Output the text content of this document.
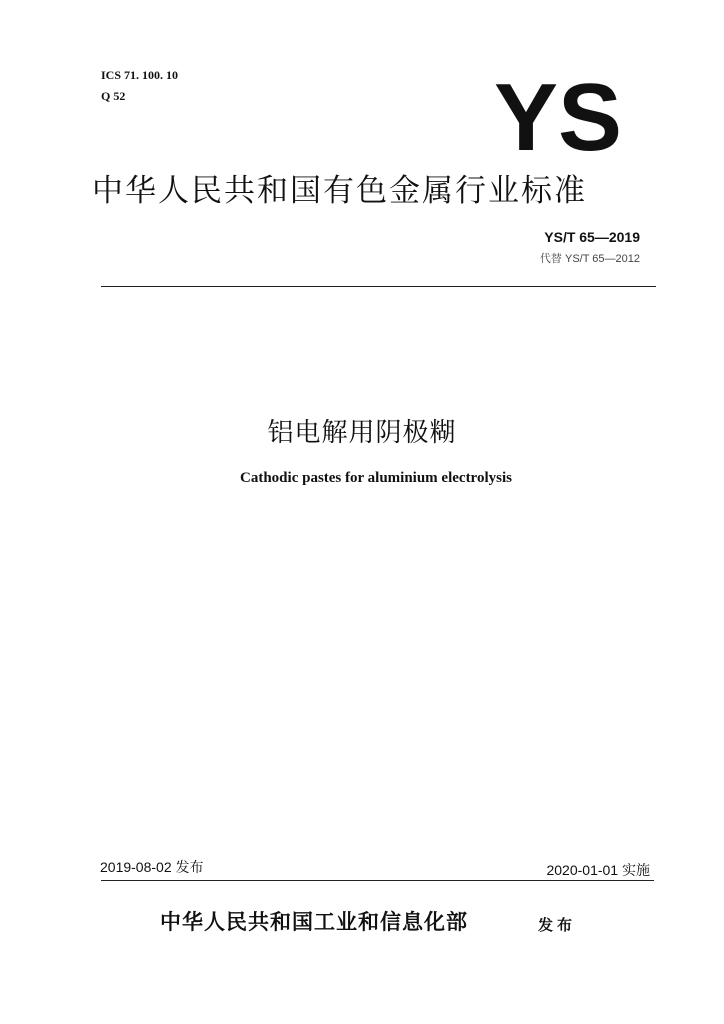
ICS 71. 100. 10
Q 52	YS
中华人民共和国有色金属行业标准
YS/T 65—2019
代替 YS/T 65—2012
铝电解用阴极糊
Cathodic pastes for aluminium electrolysis
2019-08-02 发布	2020-01-01 实施
中华人民共和国工业和信息化部	发布
